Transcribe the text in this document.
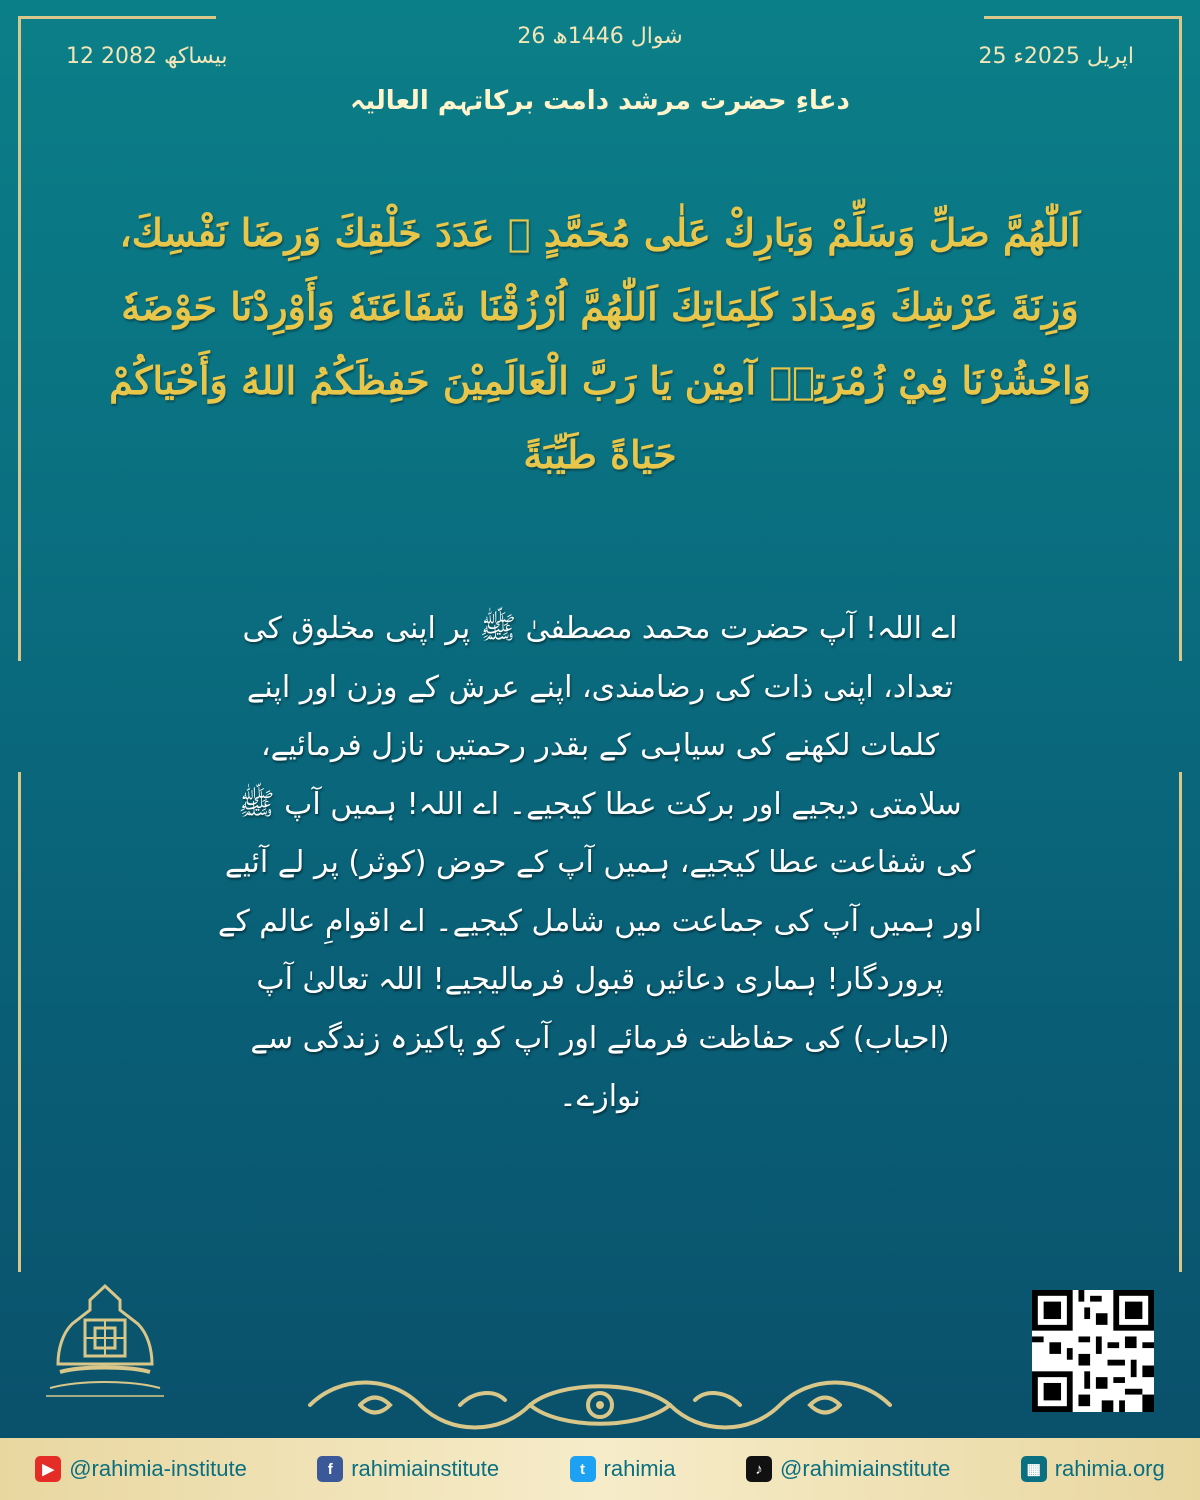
26 شوال 1446ھ
12 بیساکھ 2082	25 اپریل 2025ء
دعاءِ حضرت مرشد دامت برکاتہم العالیہ
اَللّٰهُمَّ صَلِّ وَسَلِّمْ وَبَارِكْ عَلٰى مُحَمَّدٍ ﷺ عَدَدَ خَلْقِكَ وَرِضَا نَفْسِكَ، وَزِنَةَ عَرْشِكَ وَمِدَادَ كَلِمَاتِكَ اَللّٰهُمَّ اُرْزُقْنَا شَفَاعَتَهٗ وَأَوْرِدْنَا حَوْضَهٗ وَاحْشُرْنَا فِيْ زُمْرَتِهٖ آمِيْن يَا رَبَّ الْعَالَمِيْنَ حَفِظَكُمُ اللهُ وَأَحْيَاكُمْ حَيَاةً طَيِّبَةً
اے اللہ! آپ حضرت محمد مصطفیٰ ﷺ پر اپنی مخلوق کی تعداد، اپنی ذات کی رضامندی، اپنے عرش کے وزن اور اپنے کلمات لکھنے کی سیاہی کے بقدر رحمتیں نازل فرمائیے، سلامتی دیجیے اور برکت عطا کیجیے۔ اے اللہ! ہمیں آپ ﷺ کی شفاعت عطا کیجیے، ہمیں آپ کے حوض (کوثر) پر لے آئیے اور ہمیں آپ کی جماعت میں شامل کیجیے۔ اے اقوامِ عالم کے پروردگار! ہماری دعائیں قبول فرمالیجیے! اللہ تعالیٰ آپ (احباب) کی حفاظت فرمائے اور آپ کو پاکیزہ زندگی سے نوازے۔
▶ @rahimia-institute	f rahimiainstitute	t rahimia	♪ @rahimiainstitute	▦ rahimia.org
